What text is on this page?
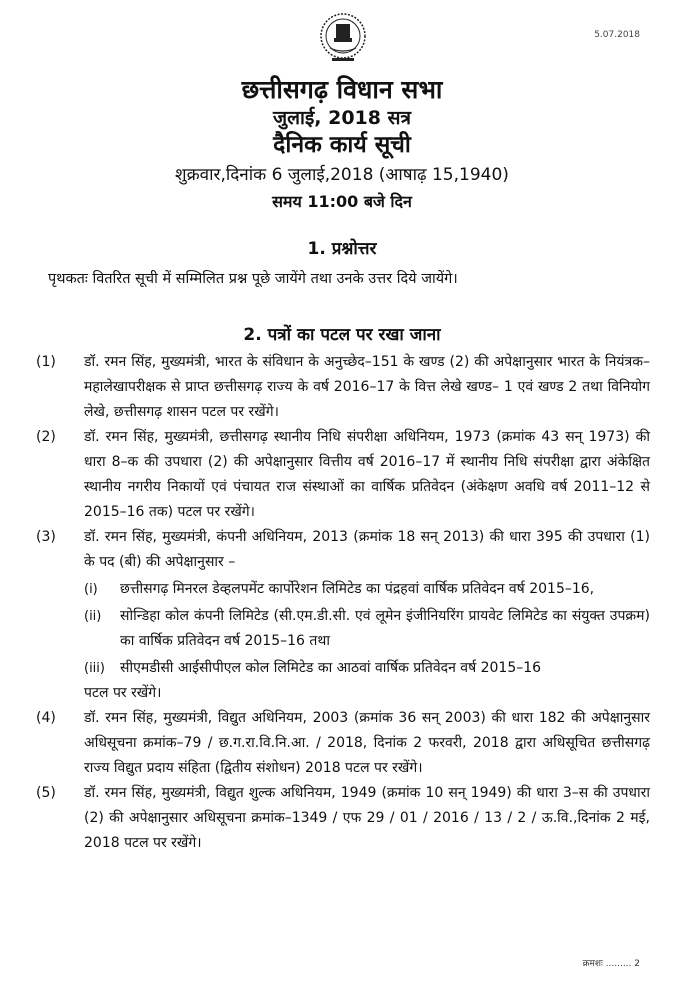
5.07.2018
छत्तीसगढ़ विधान सभा
जुलाई, 2018 सत्र
दैनिक कार्य सूची
शुक्रवार,दिनांक 6 जुलाई,2018 (आषाढ़ 15,1940)
समय 11:00 बजे दिन
1. प्रश्नोत्तर
पृथकतः वितरित सूची में सम्मिलित प्रश्न पूछे जायेंगे तथा उनके उत्तर दिये जायेंगे।
2. पत्रों का पटल पर रखा जाना
(1)	डॉ. रमन सिंह, मुख्यमंत्री, भारत के संविधान के अनुच्छेद–151 के खण्ड (2) की अपेक्षानुसार भारत के नियंत्रक–महालेखापरीक्षक से प्राप्त छत्तीसगढ़ राज्य के वर्ष 2016–17 के वित्त लेखे खण्ड– 1 एवं खण्ड 2 तथा विनियोग लेखे, छत्तीसगढ़ शासन पटल पर रखेंगे।
(2)	डॉ. रमन सिंह, मुख्यमंत्री, छत्तीसगढ़ स्थानीय निधि संपरीक्षा अधिनियम, 1973 (क्रमांक 43 सन् 1973) की धारा 8–क की उपधारा (2) की अपेक्षानुसार वित्तीय वर्ष 2016–17 में स्थानीय निधि संपरीक्षा द्वारा अंकेक्षित स्थानीय नगरीय निकायों एवं पंचायत राज संस्थाओं का वार्षिक प्रतिवेदन (अंकेक्षण अवधि वर्ष 2011–12 से 2015–16 तक) पटल पर रखेंगे।
(3)	डॉ. रमन सिंह, मुख्यमंत्री, कंपनी अधिनियम, 2013 (क्रमांक 18 सन् 2013) की धारा 395 की उपधारा (1) के पद (बी) की अपेक्षानुसार –
(i)	छत्तीसगढ़ मिनरल डेव्हलपमेंट कार्पोरेशन लिमिटेड का पंद्रहवां वार्षिक प्रतिवेदन वर्ष 2015–16,
(ii)	सोन्डिहा कोल कंपनी लिमिटेड (सी.एम.डी.सी. एवं लूमेन इंजीनियरिंग प्रायवेट लिमिटेड का संयुक्त उपक्रम) का वार्षिक प्रतिवेदन वर्ष 2015–16 तथा
(iii)	सीएमडीसी आईसीपीएल कोल लिमिटेड का आठवां वार्षिक प्रतिवेदन वर्ष 2015–16
पटल पर रखेंगे।
(4)	डॉ. रमन सिंह, मुख्यमंत्री, विद्युत अधिनियम, 2003 (क्रमांक 36 सन् 2003) की धारा 182 की अपेक्षानुसार अधिसूचना क्रमांक–79 / छ.ग.रा.वि.नि.आ. / 2018, दिनांक 2 फरवरी, 2018 द्वारा अधिसूचित छत्तीसगढ़ राज्य विद्युत प्रदाय संहिता (द्वितीय संशोधन) 2018 पटल पर रखेंगे।
(5)	डॉ. रमन सिंह, मुख्यमंत्री, विद्युत शुल्क अधिनियम, 1949 (क्रमांक 10 सन् 1949) की धारा 3–स की उपधारा (2) की अपेक्षानुसार अधिसूचना क्रमांक–1349 / एफ 29 / 01 / 2016 / 13 / 2 / ऊ.वि.,दिनांक 2 मई, 2018 पटल पर रखेंगे।
क्रमशः ......... 2
